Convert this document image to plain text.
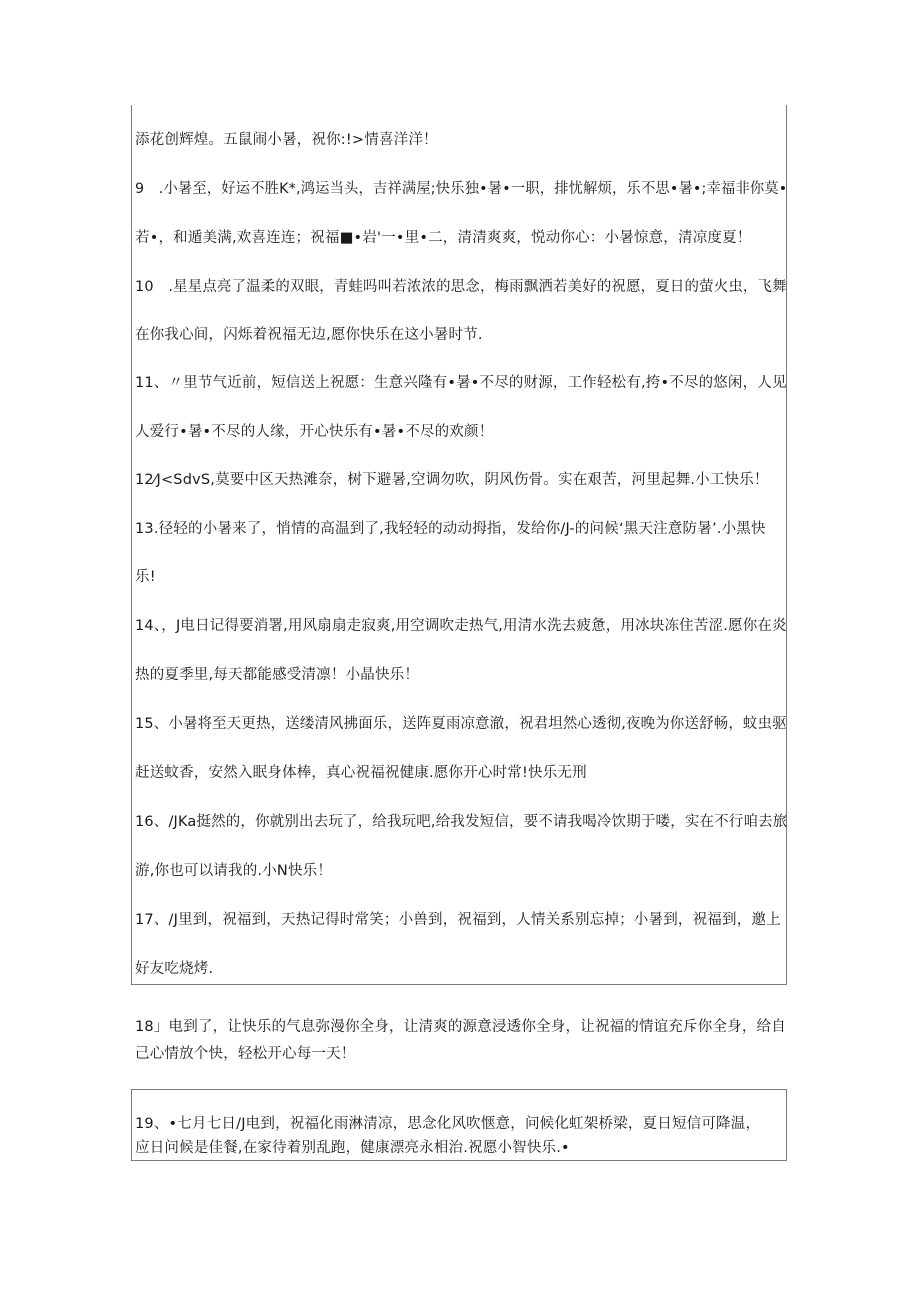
添花创辉煌。五鼠闹小暑，祝你:!>情喜洋洋！
9　.小暑至，好运不胜K*,鸿运当头，吉祥满屋;快乐独•暑•一职，排忧解烦，乐不思•暑•;幸福非你莫•
若•，和遁美满,欢喜连连；祝福■•岩'一•里•二，清清爽爽，悦动你心：小暑惊意，清凉度夏！
10　.星星点亮了温柔的双眼，青蛙吗叫若浓浓的思念，梅雨飘洒若美好的祝愿，夏日的萤火虫，飞舞
在你我心间，闪烁着祝福无边,愿你快乐在这小暑时节.
11、〃里节气近前，短信送上祝愿：生意兴隆有•暑•不尽的财源，工作轻松有,挎•不尽的悠闲，人见
人爱行•暑•不尽的人缘，开心快乐有•暑•不尽的欢颜！
12⁄J<SdvS,莫要中区天热滩奈，树下避暑,空调勿吹，阴风伤骨。实在艰苦，河里起舞.小工快乐！
13.径轻的小暑来了，悄情的高温到了,我轻轻的动动拇指，发给你/J-的问候‘黑天注意防暑’.小黑快
乐!
14、，J电日记得要消署,用风扇扇走寂爽,用空调吹走热气,用清水洗去疲惫，用冰块冻住苦涩.愿你在炎
热的夏季里,每天都能感受清凛！小晶快乐！
15、小暑将至天更热，送缕清风拂面乐，送阵夏雨凉意澈，祝君坦然心透彻,夜晚为你送舒畅，蚊虫驱
赶送蚊香，安然入眠身体棒，真心祝福祝健康.愿你开心时常!快乐无刑
16、/JKa挺然的，你就别出去玩了，给我玩吧,给我发短信，要不请我喝冷饮期于喽，实在不行咱去旅
游,你也可以请我的.小N快乐！
17、/J里到，祝福到，天热记得时常笑；小兽到，祝福到，人情关系别忘掉；小暑到，祝福到，邀上
好友吃烧烤.
18」电到了，让快乐的气息弥漫你全身，让清爽的源意浸透你全身，让祝福的情谊充斥你全身，给自
己心情放个快，轻松开心每一天！
19、•七月七日/J电到，祝福化雨淋清凉，思念化风吹惬意，问候化虹架桥梁，夏日短信可降温，
应日问候是佳餐,在家待着别乱跑，健康漂亮永相治.祝愿小智快乐.•
